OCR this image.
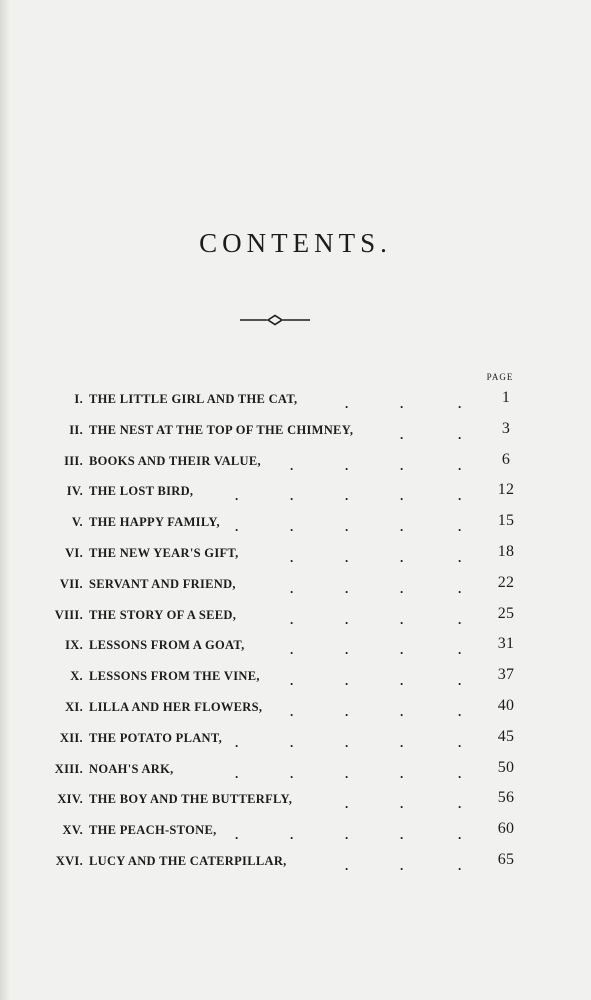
CONTENTS.
PAGE
I. THE LITTLE GIRL AND THE CAT,	.	.	.	1
II. THE NEST AT THE TOP OF THE CHIMNEY,	.	.	3
III. BOOKS AND THEIR VALUE, .	.	.	.	6
IV. THE LOST BIRD,	.	.	.	.	.	12
V. THE HAPPY FAMILY, .	.	.	.	.	15
VI. THE NEW YEAR'S GIFT,	.	.	.	.	18
VII. SERVANT AND FRIEND,	.	.	.	.	22
VIII. THE STORY OF A SEED,	.	.	.	.	25
IX. LESSONS FROM A GOAT,	.	.	.	.	31
X. LESSONS FROM THE VINE, .	.	.	.	37
XI. LILLA AND HER FLOWERS, .	.	.	.	40
XII. THE POTATO PLANT, .	.	.	.	.	45
XIII. NOAH'S ARK,	.	.	.	.	.	50
XIV. THE BOY AND THE BUTTERFLY,	.	.	.	56
XV. THE PEACH-STONE, .	.	.	.	.	60
XVI. LUCY AND THE CATERPILLAR,	.	.	.	65
